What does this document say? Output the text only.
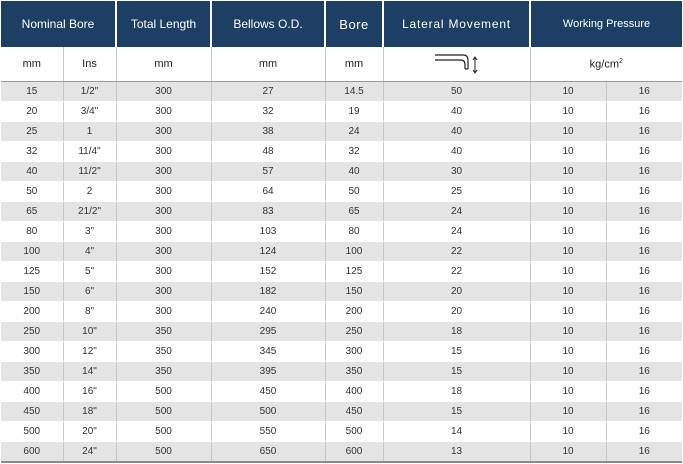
Nominal Bore		Total Length	Bellows O.D.	Bore	Lateral Movement	Working Pressure	
mm	Ins	mm	mm	mm		$kg/cm^2$
15	1/2"	300	27	14.5	50	10	16
20	3/4"	300	32	19	40	10	16
25	1	300	38	24	40	10	16
32	11/4"	300	48	32	40	10	16
40	11/2"	300	57	40	30	10	16
50	2	300	64	50	25	10	16
65	21/2"	300	83	65	24	10	16
80	3"	300	103	80	24	10	16
100	4"	300	124	100	22	10	16
125	5"	300	152	125	22	10	16
150	6"	300	182	150	20	10	16
200	8"	300	240	200	20	10	16
250	10"	350	295	250	18	10	16
300	12"	350	345	300	15	10	16
350	14"	350	395	350	15	10	16
400	16"	500	450	400	18	10	16
450	18"	500	500	450	15	10	16
500	20"	500	550	500	14	10	16
600	24"	500	650	600	13	10	16
